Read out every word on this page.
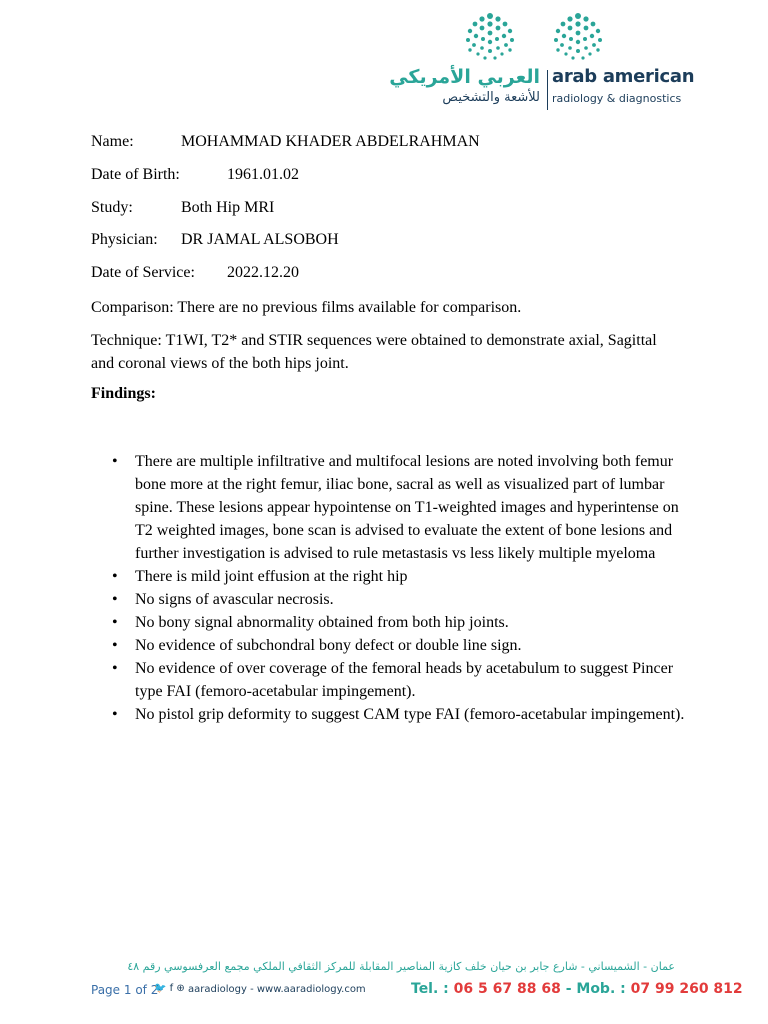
العربي الأمريكي
للأشعة والتشخيص
arab american
radiology & diagnostics
Name:	MOHAMMAD KHADER ABDELRAHMAN
Date of Birth:	1961.01.02
Study:	Both Hip MRI
Physician: DR JAMAL ALSOBOH
Date of Service: 2022.12.20
Comparison: There are no previous films available for comparison.
Technique: T1WI, T2* and STIR sequences were obtained to demonstrate axial, Sagittal and coronal views of the both hips joint.
Findings:
• There are multiple infiltrative and multifocal lesions are noted involving both femur bone more at the right femur, iliac bone, sacral as well as visualized part of lumbar spine. These lesions appear hypointense on T1-weighted images and hyperintense on T2 weighted images, bone scan is advised to evaluate the extent of bone lesions and further investigation is advised to rule metastasis vs less likely multiple myeloma
• There is mild joint effusion at the right hip
• No signs of avascular necrosis.
• No bony signal abnormality obtained from both hip joints.
• No evidence of subchondral bony defect or double line sign.
• No evidence of over coverage of the femoral heads by acetabulum to suggest Pincer type FAI (femoro-acetabular impingement).
• No pistol grip deformity to suggest CAM type FAI (femoro-acetabular impingement).
عمان - الشميساني - شارع جابر بن حيان خلف كازية المناصير المقابلة للمركز الثقافي الملكي مجمع العرفسوسي رقم ٤٨
Page 1 of 2
🐦 f ⊕ aaradiology - www.aaradiology.com	Tel. : 06 5 67 88 68 - Mob. : 07 99 260 812
